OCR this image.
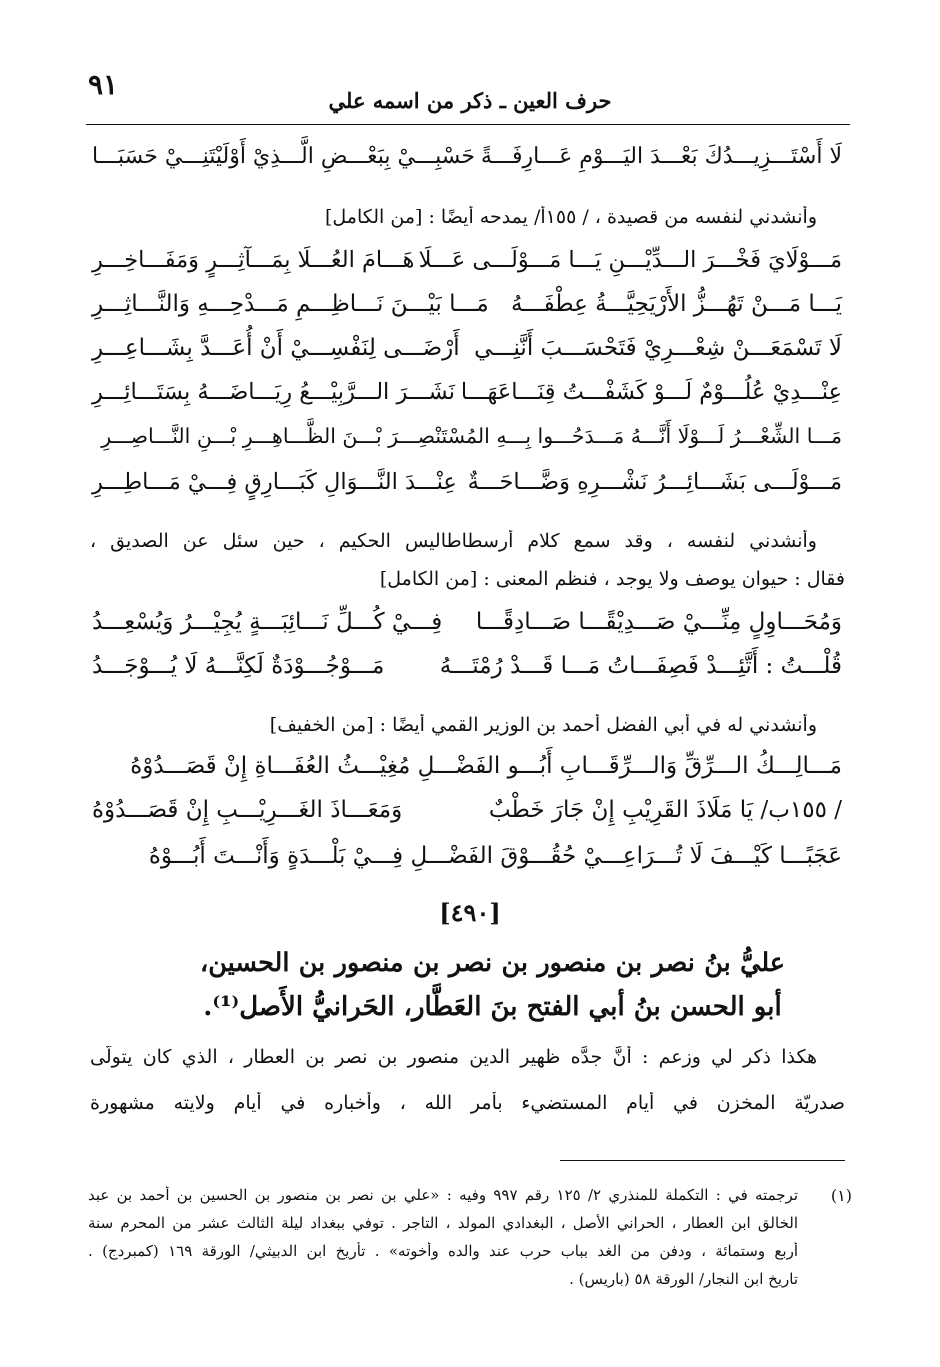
٩١	حرف العين ـ ذكر من اسمه علي
لَا أَسْتَـــزِيـــدُكَ بَعْـــدَ اليَـــوْمِ عَـــارِفَـــةً
حَسْبِـــيْ بِبَعْـــضِ الَّـــذِيْ أَوْلَيْتَنِـــيْ حَسَبَـــا
وأنشدني لنفسه من قصيدة ، / ١٥٥أ/ يمدحه أيضًا : [من الكامل]
مَـــوْلَايَ فَخْـــرَ الـــدِّيْـــنِ يَـــا مَـــوْلَـــى عَـــلَا
هَـــامَ العُـــلَا بِمَـــآثِـــرٍ وَمَفَـــاخِـــرِ
يَـــا مَـــنْ تَهُـــزُّ الأَرْيَحِيَّـــةُ عِطْفَـــهُ
مَـــا بَيْـــنَ نَـــاظِـــمِ مَـــدْحِـــهِ وَالنَّـــاثِـــرِ
لَا تَسْمَعَـــنْ شِعْـــرِيْ فَتَحْسَـــبَ أَنَّنِـــي
أَرْضَـــى لِنَفْسِـــيْ أَنْ أُعَـــدَّ بِشَـــاعِـــرِ
عِنْـــدِيْ عُلُـــوْمٌ لَـــوْ كَشَفْـــتُ قِنَـــاعَهَـــا
نَشَـــرَ الـــرَّبِيْـــعُ رِيَـــاضَـــهُ بِسَتَـــائِـــرِ
مَـــا الشِّعْـــرُ لَـــوْلَا أَنَّـــهُ مَـــدَحُـــوا بِـــهِ المُسْتَنْصِـــرَ بْـــنَ الظَّـــاهِـــرِ بْـــنِ النَّـــاصِـــرِ
مَـــوْلَـــى بَشَـــائِـــرُ نَشْـــرِهِ وَضَّـــاحَـــةٌ
عِنْـــدَ النَّـــوَالِ كَبَـــارِقٍ فِـــيْ مَـــاطِـــرِ
وأنشدني لنفسه ، وقد سمع كلام أرسطاطاليس الحكيم ، حين سئل عن الصديق ،
فقال : حيوان يوصف ولا يوجد ، فنظم المعنى : [من الكامل]
وَمُحَـــاوِلٍ مِنِّـــيْ صَـــدِيْقًـــا صَـــادِقًـــا
فِـــيْ كُـــلِّ نَـــائِبَـــةٍ يُجِيْـــرُ وَيُسْعِـــدُ
قُلْـــتُ : أَتَّئِـــدْ فَصِفَـــاتُ مَـــا قَـــدْ رُمْتَـــهُ
مَـــوْجُـــوْدَةٌ لَكِنَّـــهُ لَا يُـــوْجَـــدُ
وأنشدني له في أبي الفضل أحمد بن الوزير القمي أيضًا : [من الخفيف]
مَـــالِـــكُ الـــرِّقِّ وَالـــرِّقَـــابِ أَبُـــو الفَضْـــلِ مُغِيْـــثُ العُفَـــاةِ إِنْ قَصَـــدُوْهُ
/ ١٥٥ب/ يَا مَلَاذَ القَرِيْبِ إِنْ جَارَ خَطْبٌ
وَمَعَـــاذَ الغَـــرِيْـــبِ إِنْ قَصَـــدُوْهُ
عَجَبًـــا كَيْـــفَ لَا تُـــرَاعِـــيْ حُقُـــوْقَ الفَضْـــلِ فِـــيْ بَلْـــدَةٍ وَأَنْـــتَ أَبُـــوْهُ
[٤٩٠]
عليُّ بنُ نصر بن منصور بن نصر بن منصور بن الحسين،
أبو الحسن بنُ أبي الفتح بنَ العَطَّار، الحَرانيُّ الأَصل⁽¹⁾.
هكذا ذكر لي وزعم : أنَّ جدَّه ظهير الدين منصور بن نصر بن العطار ، الذي كان يتولّى
صدريّة المخزن في أيام المستضيء بأمر الله ، وأخباره في أيام ولايته مشهورة
(١)
ترجمته في : التكملة للمنذري ٢/ ١٢٥ رقم ٩٩٧ وفيه : «علي بن نصر بن منصور بن الحسين بن أحمد بن عبد
الخالق ابن العطار ، الحراني الأصل ، البغدادي المولد ، التاجر . توفي ببغداد ليلة الثالث عشر من المحرم سنة
أربع وستمائة ، ودفن من الغد بباب حرب عند والده وأخوته» . تأريخ ابن الدبيثي/ الورقة ١٦٩ (كمبردج) .
تاريخ ابن النجار/ الورقة ٥٨ (باريس) .
